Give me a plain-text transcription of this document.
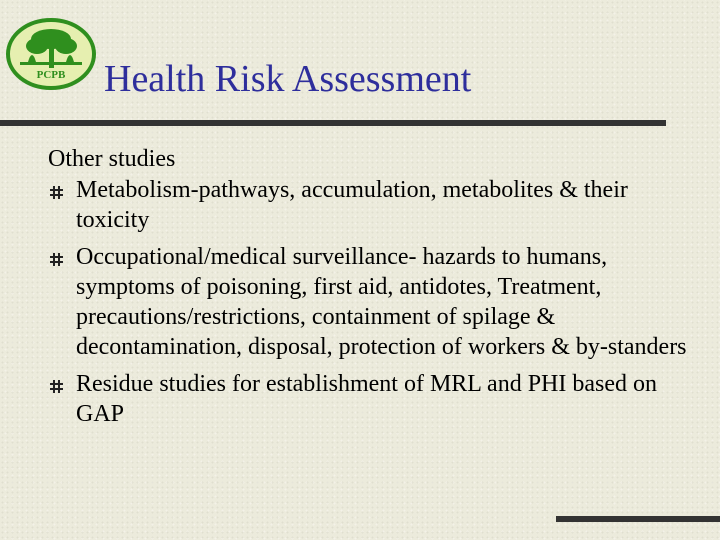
PCPB Health Risk Assessment

Other studies

Metabolism-pathways, accumulation, metabolites & their toxicity
Occupational/medical surveillance- hazards to humans, symptoms of poisoning, first aid, antidotes, Treatment, precautions/restrictions, containment of spilage & decontamination, disposal, protection of workers & by-standers
Residue studies for establishment of MRL and PHI based on GAP
